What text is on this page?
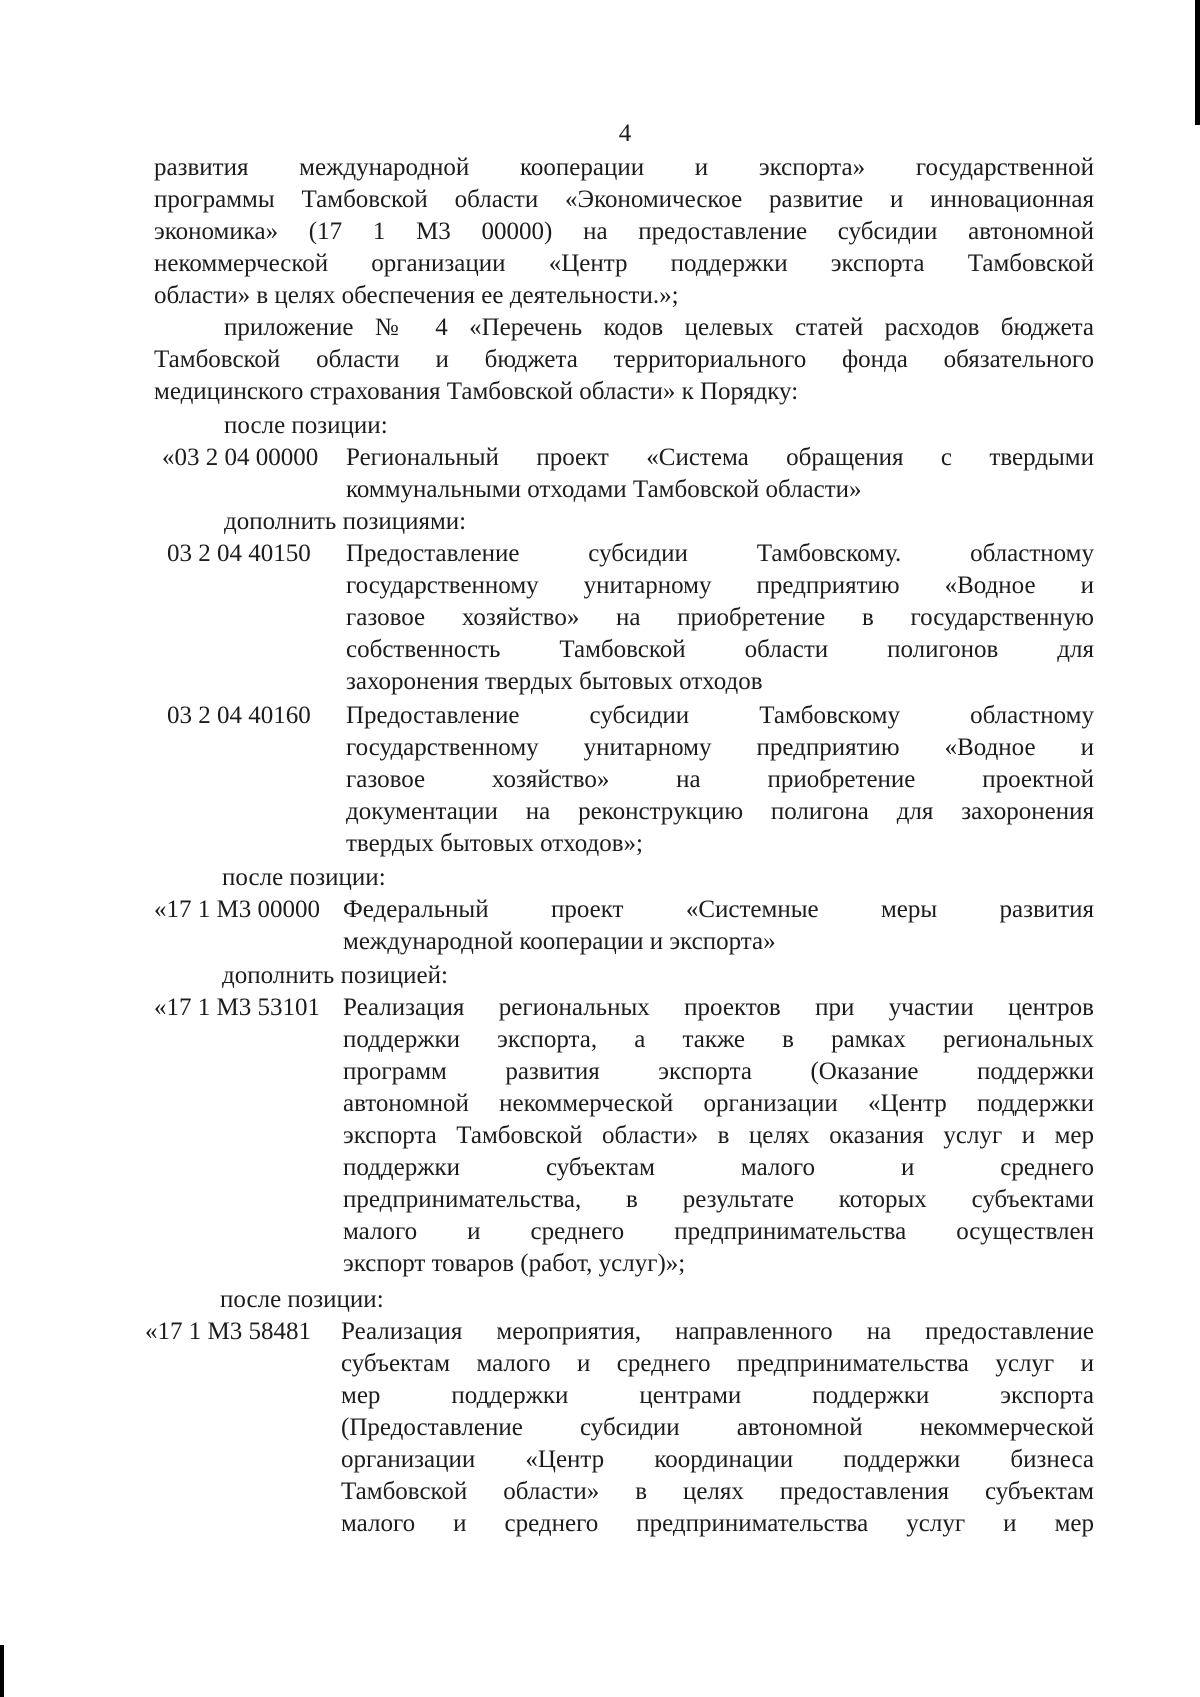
4

развития международной кооперации и экспорта» государственной

программы Тамбовской области «Экономическое развитие и инновационная

экономика» (17 1 М3 00000) на предоставление субсидии автономной

некоммерческой организации «Центр поддержки экспорта Тамбовской

области» в целях обеспечения ее деятельности.»;

приложение № 4 «Перечень кодов целевых статей расходов бюджета

Тамбовской области и бюджета территориального фонда обязательного

медицинского страхования Тамбовской области» к Порядку:

после позиции:
«03 2 04 00000 Региональный проект «Система обращения с твердыми

коммунальными отходами Тамбовской области»

дополнить позициями:
03 2 04 40150 Предоставление субсидии Тамбовскому. областному

государственному унитарному предприятию «Водное и

газовое хозяйство» на приобретение в государственную

собственность Тамбовской области полигонов для

захоронения твердых бытовых отходов

03 2 04 40160 Предоставление субсидии Тамбовскому областному

государственному унитарному предприятию «Водное и

газовое хозяйство» на приобретение проектной

документации на реконструкцию полигона для захоронения

твердых бытовых отходов»;

после позиции:
«17 1 М3 00000 Федеральный проект «Системные меры развития

международной кооперации и экспорта»

дополнить позицией:
«17 1 М3 53101 Реализация региональных проектов при участии центров

поддержки экспорта, а также в рамках региональных

программ развития экспорта (Оказание поддержки

автономной некоммерческой организации «Центр поддержки

экспорта Тамбовской области» в целях оказания услуг и мер

поддержки субъектам малого и среднего

предпринимательства, в результате которых субъектами

малого и среднего предпринимательства осуществлен

экспорт товаров (работ, услуг)»;

после позиции:
«17 1 М3 58481 Реализация мероприятия, направленного на предоставление

субъектам малого и среднего предпринимательства услуг и

мер поддержки центрами поддержки экспорта

(Предоставление субсидии автономной некоммерческой

организации «Центр координации поддержки бизнеса

Тамбовской области» в целях предоставления субъектам

малого и среднего предпринимательства услуг и мер
